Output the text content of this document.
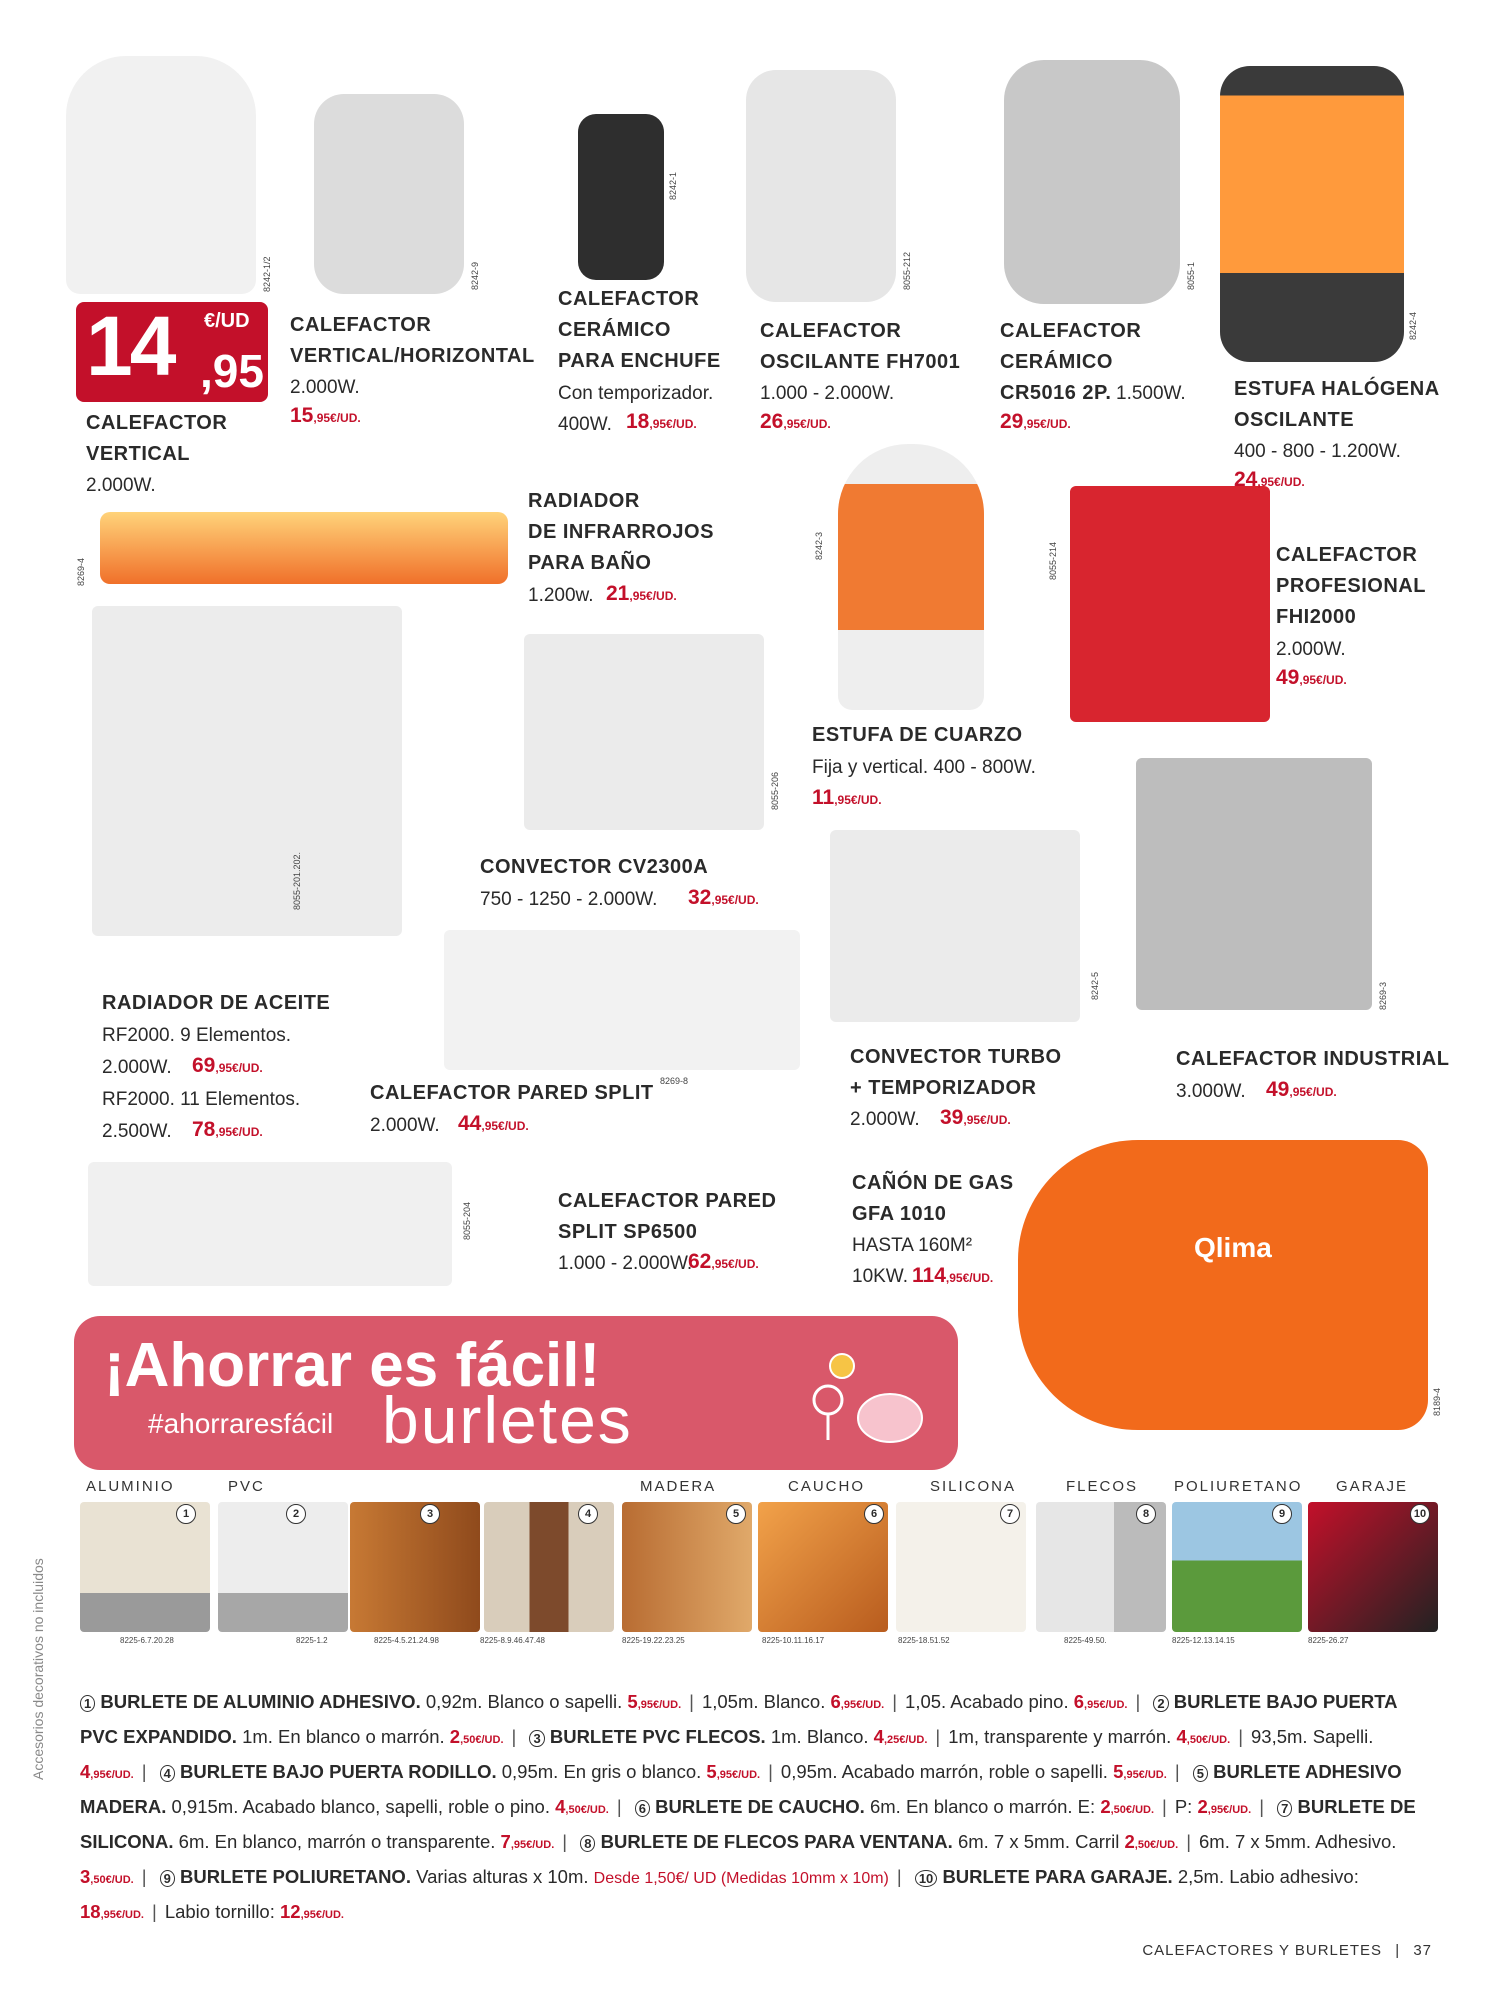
Qlima
8242-1/2	8242-9
8242-1
8055-212	8055-1
8242-4
8269-4
8242-3	8055-214
8055-206
8055-201.202.
8269-8
8242-5	8269-3
8055-204
8189-4
14 €/UD
,95
CALEFACTOR
VERTICAL
2.000W.
CALEFACTOR
VERTICAL/HORIZONTAL
2.000W.
15,95€/UD.
CALEFACTOR
CERÁMICO
PARA ENCHUFE
Con temporizador.
400W. 18,95€/UD.
CALEFACTOR
OSCILANTE FH7001
1.000 - 2.000W.
26,95€/UD.
CALEFACTOR
CERÁMICO
CR5016 2P. 1.500W.
29,95€/UD.
ESTUFA HALÓGENA
OSCILANTE
400 - 800 - 1.200W.
24,95€/UD.
RADIADOR
DE INFRARROJOS
PARA BAÑO
1.200w. 21,95€/UD.
ESTUFA DE CUARZO
Fija y vertical. 400 - 800W.
11,95€/UD.
CALEFACTOR
PROFESIONAL
FHI2000
2.000W.
49,95€/UD.
CONVECTOR CV2300A
750 - 1250 - 2.000W. 32,95€/UD.
RADIADOR DE ACEITE
RF2000. 9 Elementos.
2.000W. 69,95€/UD.
RF2000. 11 Elementos.
2.500W. 78,95€/UD.
CALEFACTOR PARED SPLIT
2.000W. 44,95€/UD.
CONVECTOR TURBO
+ TEMPORIZADOR
2.000W. 39,95€/UD.
CALEFACTOR INDUSTRIAL
3.000W. 49,95€/UD.
CALEFACTOR PARED
SPLIT SP6500
1.000 - 2.000W.
62,95€/UD.
CAÑÓN DE GAS
GFA 1010
HASTA 160M²
10KW. 114,95€/UD.
¡Ahorrar es fácil!
#ahorraresfácil burletes
ALUMINIO	PVC	MADERA	CAUCHO	SILICONA	FLECOS POLIURETANO GARAJE
1	2	3	4	5	6	7	8	9	10
8225-6.7.20.28	8225-1.2	8225-4.5.21.24.98	8225-8.9.46.47.48	8225-19.22.23.25	8225-10.11.16.17	8225-18.51.52	8225-49.50.	8225-12.13.14.15	8225-26.27
Accesorios decorativos no incluidos	1 BURLETE DE ALUMINIO ADHESIVO. 0,92m. Blanco o sapelli. 5,95€/UD. | 1,05m. Blanco. 6,95€/UD. | 1,05. Acabado pino. 6,95€/UD. | 2 BURLETE BAJO PUERTA PVC EXPANDIDO. 1m. En blanco o marrón. 2,50€/UD. | 3 BURLETE PVC FLECOS. 1m. Blanco. 4,25€/UD. | 1m, transparente y marrón. 4,50€/UD. | 93,5m. Sapelli. 4,95€/UD. | 4 BURLETE BAJO PUERTA RODILLO. 0,95m. En gris o blanco. 5,95€/UD. | 0,95m. Acabado marrón, roble o sapelli. 5,95€/UD. | 5 BURLETE ADHESIVO MADERA. 0,915m. Acabado blanco, sapelli, roble o pino. 4,50€/UD. | 6 BURLETE DE CAUCHO. 6m. En blanco o marrón. E: 2,50€/UD. | P: 2,95€/UD. | 7 BURLETE DE SILICONA. 6m. En blanco, marrón o transparente. 7,95€/UD. | 8 BURLETE DE FLECOS PARA VENTANA. 6m. 7 x 5mm. Carril 2,50€/UD. | 6m. 7 x 5mm. Adhesivo. 3,50€/UD. | 9 BURLETE POLIURETANO. Varias alturas x 10m. Desde 1,50€/ UD (Medidas 10mm x 10m) | 10 BURLETE PARA GARAJE. 2,5m. Labio adhesivo: 18,95€/UD. | Labio tornillo: 12,95€/UD.
CALEFACTORES Y BURLETES | 37
